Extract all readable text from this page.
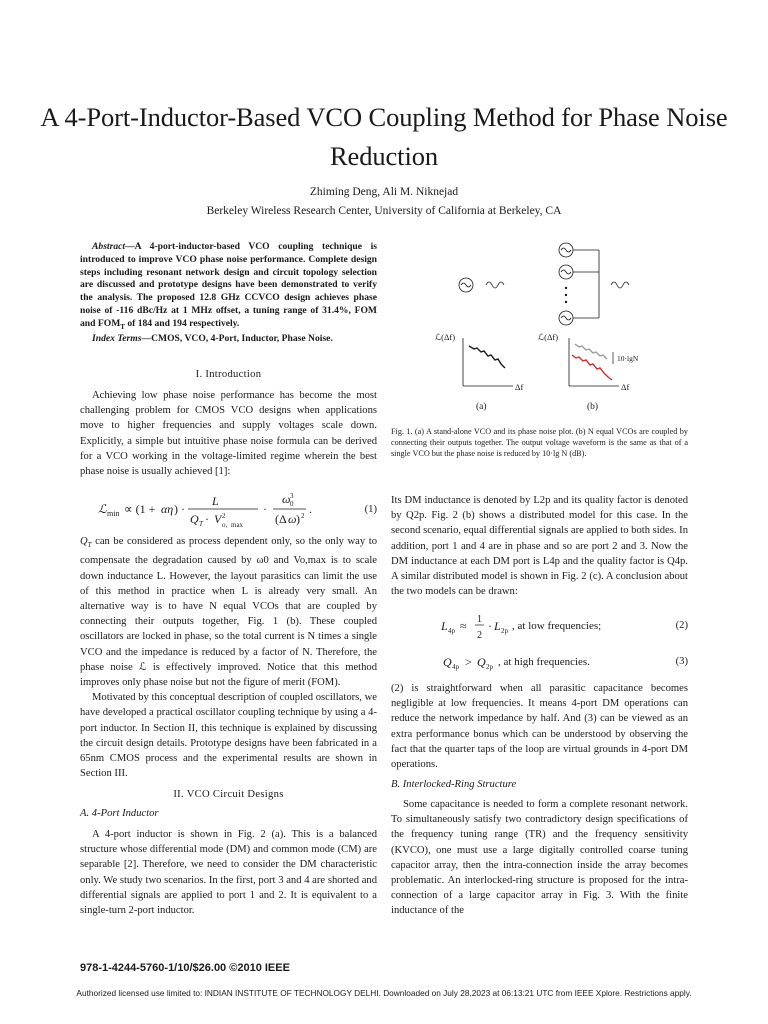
A 4-Port-Inductor-Based VCO Coupling Method for Phase Noise Reduction
Zhiming Deng, Ali M. Niknejad
Berkeley Wireless Research Center, University of California at Berkeley, CA

Abstract—A 4-port-inductor-based VCO coupling technique is introduced to improve VCO phase noise performance. Complete design steps including resonant network design and circuit topology selection are discussed and prototype designs have been demonstrated to verify the analysis. The proposed 12.8 GHz CCVCO design achieves phase noise of -116 dBc/Hz at 1 MHz offset, a tuning range of 31.4%, FOM and $FOM_T$ of 184 and 194 respectively.

Index Terms—CMOS, VCO, 4-Port, Inductor, Phase Noise.

I. Introduction

Achieving low phase noise performance has become the most challenging problem for CMOS VCO designs when applications move to higher frequencies and supply voltages scale down. Explicitly, a simple but intuitive phase noise formula can be derived for a VCO working in the voltage-limited regime wherein the best phase noise is usually achieved [1]:

ℒ min ∝ (1 + αη ) ·
L
Q T · V 2
o, max
·
ω 3
0
(Δ ω ) 2 .	(1)

$Q_T$ can be considered as process dependent only, so the only way to compensate the degradation caused by ω0 and Vo,max is to scale down inductance L. However, the layout parasitics can limit the use of this method in practice when L is already very small. An alternative way is to have N equal VCOs that are coupled by connecting their outputs together, Fig. 1 (b). These coupled oscillators are locked in phase, so the total current is N times a single VCO and the impedance is reduced by a factor of N. Therefore, the phase noise ℒ is effectively improved. Notice that this method improves only phase noise but not the figure of merit (FOM).

Motivated by this conceptual description of coupled oscillators, we have developed a practical oscillator coupling technique by using a 4-port inductor. In Section II, this technique is explained by discussing the circuit design details. Prototype designs have been fabricated in a 65nm CMOS process and the experimental results are shown in Section III.

II. VCO Circuit Designs
A. 4-Port Inductor

A 4-port inductor is shown in Fig. 2 (a). This is a balanced structure whose differential mode (DM) and common mode (CM) are separable [2]. Therefore, we need to consider the DM characteristic only. We study two scenarios. In the first, port 3 and 4 are shorted and differential signals are applied to port 1 and 2. It is equivalent to a single-turn 2-port inductor.

ℒ(Δf)
Δf
ℒ(Δf)
Δf
10·lgN
(a)	(b)
Fig. 1. (a) A stand-alone VCO and its phase noise plot. (b) N equal VCOs are coupled by connecting their outputs together. The output voltage waveform is the same as that of a single VCO but the phase noise is reduced by 10·lg N (dB).

Its DM inductance is denoted by L2p and its quality factor is denoted by Q2p. Fig. 2 (b) shows a distributed model for this case. In the second scenario, equal differential signals are applied to both sides. In addition, port 1 and 4 are in phase and so are port 2 and 3. Now the DM inductance at each DM port is L4p and the quality factor is Q4p. A similar distributed model is shown in Fig. 2 (c). A conclusion about the two models can be drawn:

L 4p ≈ 1
2
· L 2p , at low frequencies;	(2)
Q 4p > Q 2p , at high frequencies.	(3)

(2) is straightforward when all parasitic capacitance becomes negligible at low frequencies. It means 4-port DM operations can reduce the network impedance by half. And (3) can be viewed as an extra performance bonus which can be understood by observing the fact that the quarter taps of the loop are virtual grounds in 4-port DM operations.

B. Interlocked-Ring Structure

Some capacitance is needed to form a complete resonant network. To simultaneously satisfy two contradictory design specifications of the frequency tuning range (TR) and the frequency sensitivity (KVCO), one must use a large digitally controlled coarse tuning capacitor array, then the intra-connection inside the array becomes problematic. An interlocked-ring structure is proposed for the intra-connection of a large capacitor array in Fig. 3. With the finite inductance of the

978-1-4244-5760-1/10/$26.00 ©2010 IEEE
Authorized licensed use limited to: INDIAN INSTITUTE OF TECHNOLOGY DELHI. Downloaded on July 28,2023 at 06:13:21 UTC from IEEE Xplore. Restrictions apply.
